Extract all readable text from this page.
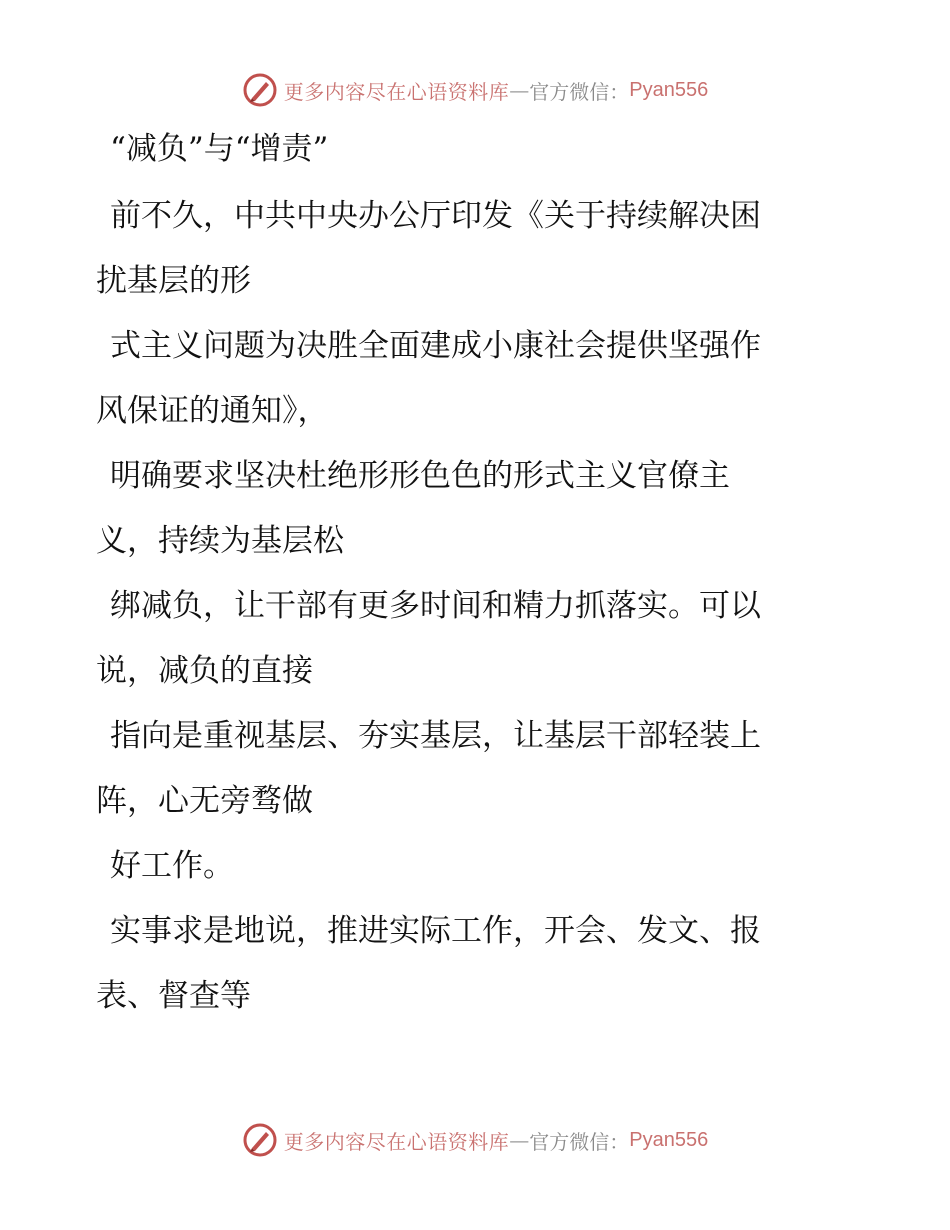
更多内容尽在心语资料库 — 官方微信： Pyan556
“减负”与“增责”
前不久，中共中央办公厅印发《关于持续解决困
扰基层的形
式主义问题为决胜全面建成小康社会提供坚强作
风保证的通知》，
明确要求坚决杜绝形形色色的形式主义官僚主
义，持续为基层松
绑减负，让干部有更多时间和精力抓落实。可以
说，减负的直接
指向是重视基层、夯实基层，让基层干部轻装上
阵，心无旁骛做
好工作。
实事求是地说，推进实际工作，开会、发文、报
表、督查等
更多内容尽在心语资料库 — 官方微信： Pyan556
